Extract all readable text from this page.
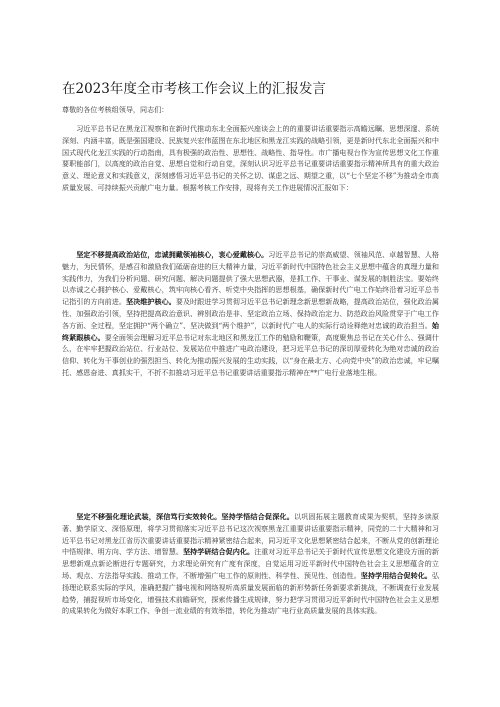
在2023年度全市考核工作会议上的汇报发言
尊敬的各位考核组领导，同志们：

习近平总书记在黑龙江视察和在新时代推动东北全面振兴座谈会上的的重要讲话重要指示高瞻远瞩、思想深邃、系统深刻、内涵丰富，既是强国建设、民族复兴宏伟蓝图在东北地区和黑龙江实践的战略引领，更是新时代东北全面振兴和中国式现代化龙江实践的行动指南，具有极强的政治性、思想性、战略性、指导性。市广播电视台作为宣传思想文化工作重要职能部门，以高度的政治自觉、思想自觉和行动自觉，深刻认识习近平总书记重要讲话重要指示精神所具有的重大政治意义、理论意义和实践意义，深刻感悟习近平总书记的关怀之切、谋虑之远、期望之重，以“七个坚定不移”为推动全市高质量发展、可持续振兴贡献广电力量。根据考核工作安排，现将有关工作进展情况汇报如下：

坚定不移提高政治站位，忠诚拥戴领袖核心，衷心爱戴核心。习近平总书记的崇高威望、领袖风范、卓越智慧、人格魅力，为民情怀，是感召和激励我们砥砺奋进的巨大精神力量，习近平新时代中国特色社会主义思想中蕴含的真理力量和实践伟力，为我们分析问题、研究问题、解决问题提供了强大思想武器，是抓工作、干事业、谋发展的制胜法宝。要始终以赤诚之心拥护核心、爱戴核心，筑牢向核心看齐、听党中央指挥的思想根基，确保新时代广电工作始终沿着习近平总书记指引的方向前进。坚决维护核心。要及时跟进学习贯彻习近平总书记新理念新思想新战略，提高政治站位，强化政治属性、加强政治引领，坚持把提高政治意识、辨别政治是非、坚定政治立场、保持政治定力、防范政治风险贯穿于广电工作各方面、全过程，坚定拥护“两个确立”、坚决做到“两个维护”，以新时代广电人的实际行动诠释绝对忠诚的政治担当。始终紧跟核心。要全面领会理解习近平总书记对东北地区和黑龙江工作的勉励和鞭策，高度聚焦总书记在关心什么、强调什么，在牢牢把握政治站位、行业站位、发展站位中推进广电政治建设，把习近平总书记的深切厚爱转化为绝对忠诚的政治信仰、转化为干事创业的强烈担当、转化为推动振兴发展的生动实践，以“身在最北方、心向党中央”的政治忠诚，牢记嘱托、感恩奋进、真抓实干，不折不扣推动习近平总书记重要讲话重要指示精神在**广电行业落地生根。

坚定不移强化理论武装，深信笃行实效转化。坚持学悟结合促深化。以巩固拓展主题教育成果为契机，坚持多读原著、勤学原文、深悟原理，将学习贯彻落实习近平总书记这次视察黑龙江重要讲话重要指示精神，同党的二十大精神和习近平总书记对黑龙江省历次重要讲话重要指示精神紧密结合起来，同习近平文化思想紧密结合起来，不断从党的创新理论中悟规律、明方向、学方法、增智慧。坚持学研结合促内化。注重对习近平总书记关于新时代宣传思想文化建设方面的新思想新观点新论断进行专题研究，力求理论研究有广度有深度，自觉运用习近平新时代中国特色社会主义思想蕴含的立场、观点、方法指导实践、推动工作，不断增强广电工作的原则性、科学性、预见性、创造性。坚持学用结合促转化。弘扬理论联系实际的学风，准确把握广播电视和网络视听高质量发展面临的新形势新任务新要求新挑战，不断调查行业发展趋势，捕捉视听市场变化，增强技术前瞻研究，探索传播生成规律，努力把学习贯彻习近平新时代中国特色社会主义思想的成果转化为做好本职工作、争创一流业绩的有效举措，转化为推动广电行业高质量发展的具体实践。
